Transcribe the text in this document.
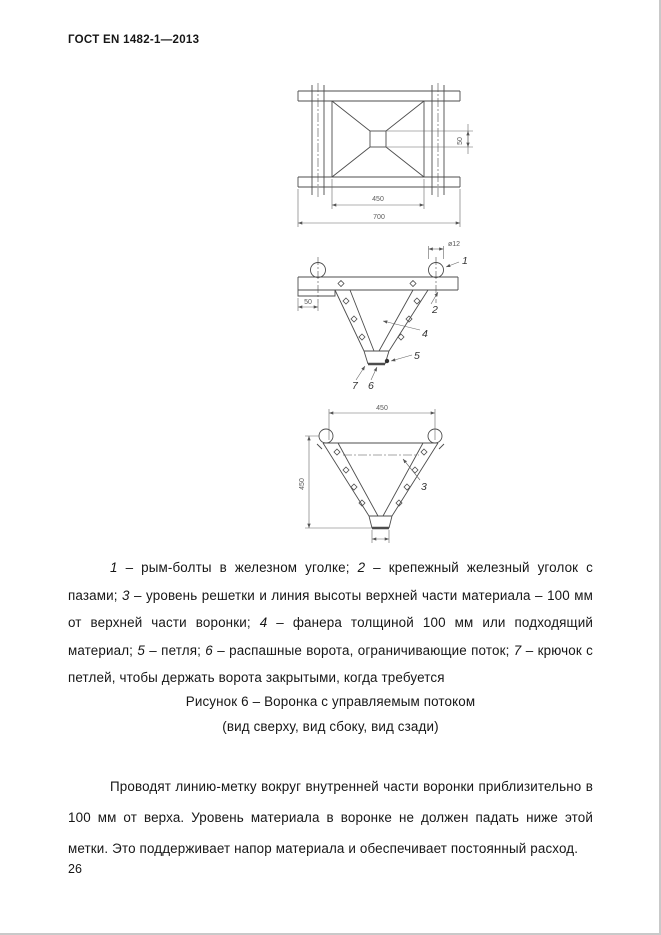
ГОСТ EN 1482-1—2013
50
450
700
ø12
50
1
2
4
5
7 6
450
450	3

1 – рым-болты в железном уголке; 2 – крепежный железный уголок с пазами; 3 – уровень решетки и линия высоты верхней части материала – 100 мм от верхней части воронки; 4 – фанера толщиной 100 мм или подходящий материал; 5 – петля; 6 – распашные ворота, ограничивающие поток; 7 – крючок с петлей, чтобы держать ворота закрытыми, когда требуется

Рисунок 6 – Воронка с управляемым потоком
(вид сверху, вид сбоку, вид сзади)

Проводят линию-метку вокруг внутренней части воронки приблизительно в 100 мм от верха. Уровень материала в воронке не должен падать ниже этой метки. Это поддерживает напор материала и обеспечивает постоянный расход.

26
